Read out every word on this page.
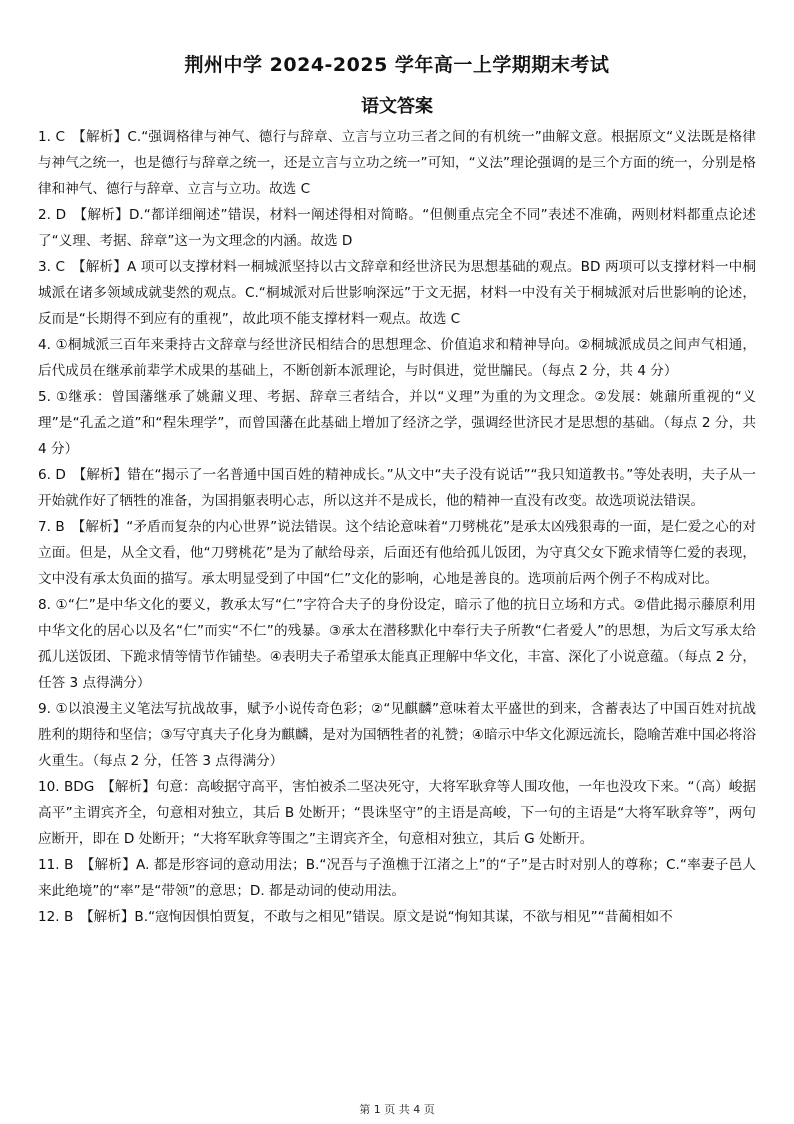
荆州中学 2024-2025 学年高一上学期期末考试
语文答案

1. C　【解析】C.“强调格律与神气、德行与辞章、立言与立功三者之间的有机统一”曲解文意。根据原文“义法既是格律与神气之统一，也是德行与辞章之统一，还是立言与立功之统一”可知，“义法”理论强调的是三个方面的统一，分别是格律和神气、德行与辞章、立言与立功。故选 C

2. D　【解析】D.“都详细阐述”错误，材料一阐述得相对简略。“但侧重点完全不同”表述不准确，两则材料都重点论述了“义理、考据、辞章”这一为文理念的内涵。故选 D

3. C　【解析】A 项可以支撑材料一桐城派坚持以古文辞章和经世济民为思想基础的观点。BD 两项可以支撑材料一中桐城派在诸多领域成就斐然的观点。C.“桐城派对后世影响深远”于文无据，材料一中没有关于桐城派对后世影响的论述，反而是“长期得不到应有的重视”，故此项不能支撑材料一观点。故选 C

4. ①桐城派三百年来秉持古文辞章与经世济民相结合的思想理念、价值追求和精神导向。②桐城派成员之间声气相通，后代成员在继承前辈学术成果的基础上，不断创新本派理论，与时俱进，觉世牖民。（每点 2 分，共 4 分）

5. ①继承：曾国藩继承了姚鼐义理、考据、辞章三者结合，并以“义理”为重的为文理念。②发展：姚鼐所重视的“义理”是“孔孟之道”和“程朱理学”，而曾国藩在此基础上增加了经济之学，强调经世济民才是思想的基础。（每点 2 分，共 4 分）

6. D　【解析】错在“揭示了一名普通中国百姓的精神成长。”从文中“夫子没有说话”“我只知道教书。”等处表明，夫子从一开始就作好了牺牲的准备，为国捐躯表明心志，所以这并不是成长，他的精神一直没有改变。故选项说法错误。

7. B　【解析】“矛盾而复杂的内心世界”说法错误。这个结论意味着“刀劈桃花”是承太凶残狠毒的一面，是仁爱之心的对立面。但是，从全文看，他“刀劈桃花”是为了献给母亲，后面还有他给孤儿饭团，为守真父女下跪求情等仁爱的表现，文中没有承太负面的描写。承太明显受到了中国“仁”文化的影响，心地是善良的。选项前后两个例子不构成对比。

8. ①“仁”是中华文化的要义，教承太写“仁”字符合夫子的身份设定，暗示了他的抗日立场和方式。②借此揭示藤原利用中华文化的居心以及名“仁”而实“不仁”的残暴。③承太在潜移默化中奉行夫子所教“仁者爱人”的思想，为后文写承太给孤儿送饭团、下跪求情等情节作铺垫。④表明夫子希望承太能真正理解中华文化，丰富、深化了小说意蕴。（每点 2 分，任答 3 点得满分）

9. ①以浪漫主义笔法写抗战故事，赋予小说传奇色彩；②“见麒麟”意味着太平盛世的到来，含蓄表达了中国百姓对抗战胜利的期待和坚信；③写守真夫子化身为麒麟，是对为国牺牲者的礼赞；④暗示中华文化源远流长，隐喻苦难中国必将浴火重生。（每点 2 分，任答 3 点得满分）

10. BDG　【解析】句意：高峻据守高平，害怕被杀二坚决死守，大将军耿弇等人围攻他，一年也没攻下来。“（高）峻据高平”主谓宾齐全，句意相对独立，其后 B 处断开；“畏诛坚守”的主语是高峻，下一句的主语是“大将军耿弇等”，两句应断开，即在 D 处断开；“大将军耿弇等围之”主谓宾齐全，句意相对独立，其后 G 处断开。

11. B　【解析】A. 都是形容词的意动用法；B.“况吾与子渔樵于江渚之上”的“子”是古时对别人的尊称；C.“率妻子邑人来此绝境”的“率”是“带领”的意思；D. 都是动词的使动用法。

12. B　【解析】B.“寇恂因惧怕贾复，不敢与之相见”错误。原文是说“恂知其谋，不欲与相见”“昔蔺相如不

第 1 页 共 4 页
